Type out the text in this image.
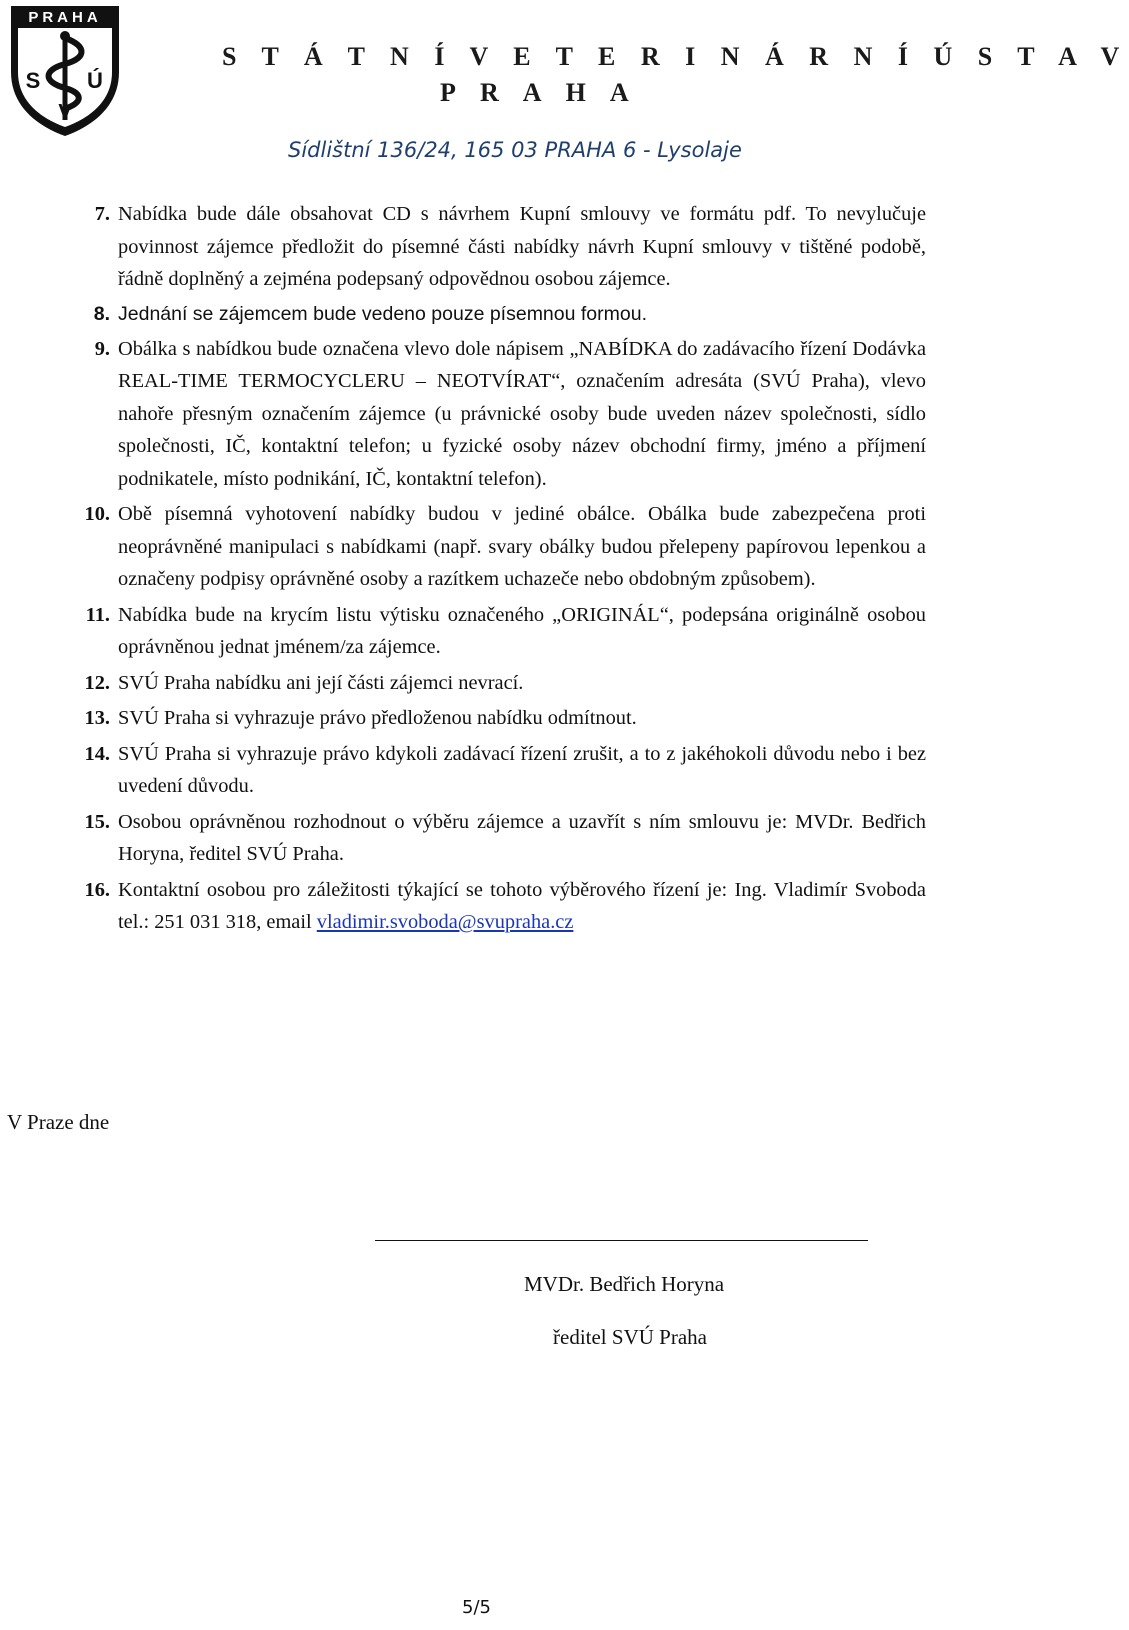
PRAHA
S Ú
V
S T Á T N Í V E T E R I N Á R N Í Ú S T A V
P R A H A
Sídlištní 136/24, 165 03 PRAHA 6 - Lysolaje
7. Nabídka bude dále obsahovat CD s návrhem Kupní smlouvy ve formátu pdf. To nevylučuje povinnost zájemce předložit do písemné části nabídky návrh Kupní smlouvy v tištěné podobě, řádně doplněný a zejména podepsaný odpovědnou osobou zájemce.
8. Jednání se zájemcem bude vedeno pouze písemnou formou.
9. Obálka s nabídkou bude označena vlevo dole nápisem „NABÍDKA do zadávacího řízení Dodávka REAL-TIME TERMOCYCLERU – NEOTVÍRAT“, označením adresáta (SVÚ Praha), vlevo nahoře přesným označením zájemce (u právnické osoby bude uveden název společnosti, sídlo společnosti, IČ, kontaktní telefon; u fyzické osoby název obchodní firmy, jméno a příjmení podnikatele, místo podnikání, IČ, kontaktní telefon).
10. Obě písemná vyhotovení nabídky budou v jediné obálce. Obálka bude zabezpečena proti neoprávněné manipulaci s nabídkami (např. svary obálky budou přelepeny papírovou lepenkou a označeny podpisy oprávněné osoby a razítkem uchazeče nebo obdobným způsobem).
11. Nabídka bude na krycím listu výtisku označeného „ORIGINÁL“, podepsána originálně osobou oprávněnou jednat jménem/za zájemce.
12. SVÚ Praha nabídku ani její části zájemci nevrací.
13. SVÚ Praha si vyhrazuje právo předloženou nabídku odmítnout.
14. SVÚ Praha si vyhrazuje právo kdykoli zadávací řízení zrušit, a to z jakéhokoli důvodu nebo i bez uvedení důvodu.
15. Osobou oprávněnou rozhodnout o výběru zájemce a uzavřít s ním smlouvu je: MVDr. Bedřich Horyna, ředitel SVÚ Praha.
16. Kontaktní osobou pro záležitosti týkající se tohoto výběrového řízení je: Ing. Vladimír Svoboda tel.: 251 031 318, email vladimir.svoboda@svupraha.cz
V Praze dne
MVDr. Bedřich Horyna
ředitel SVÚ Praha
5/5
